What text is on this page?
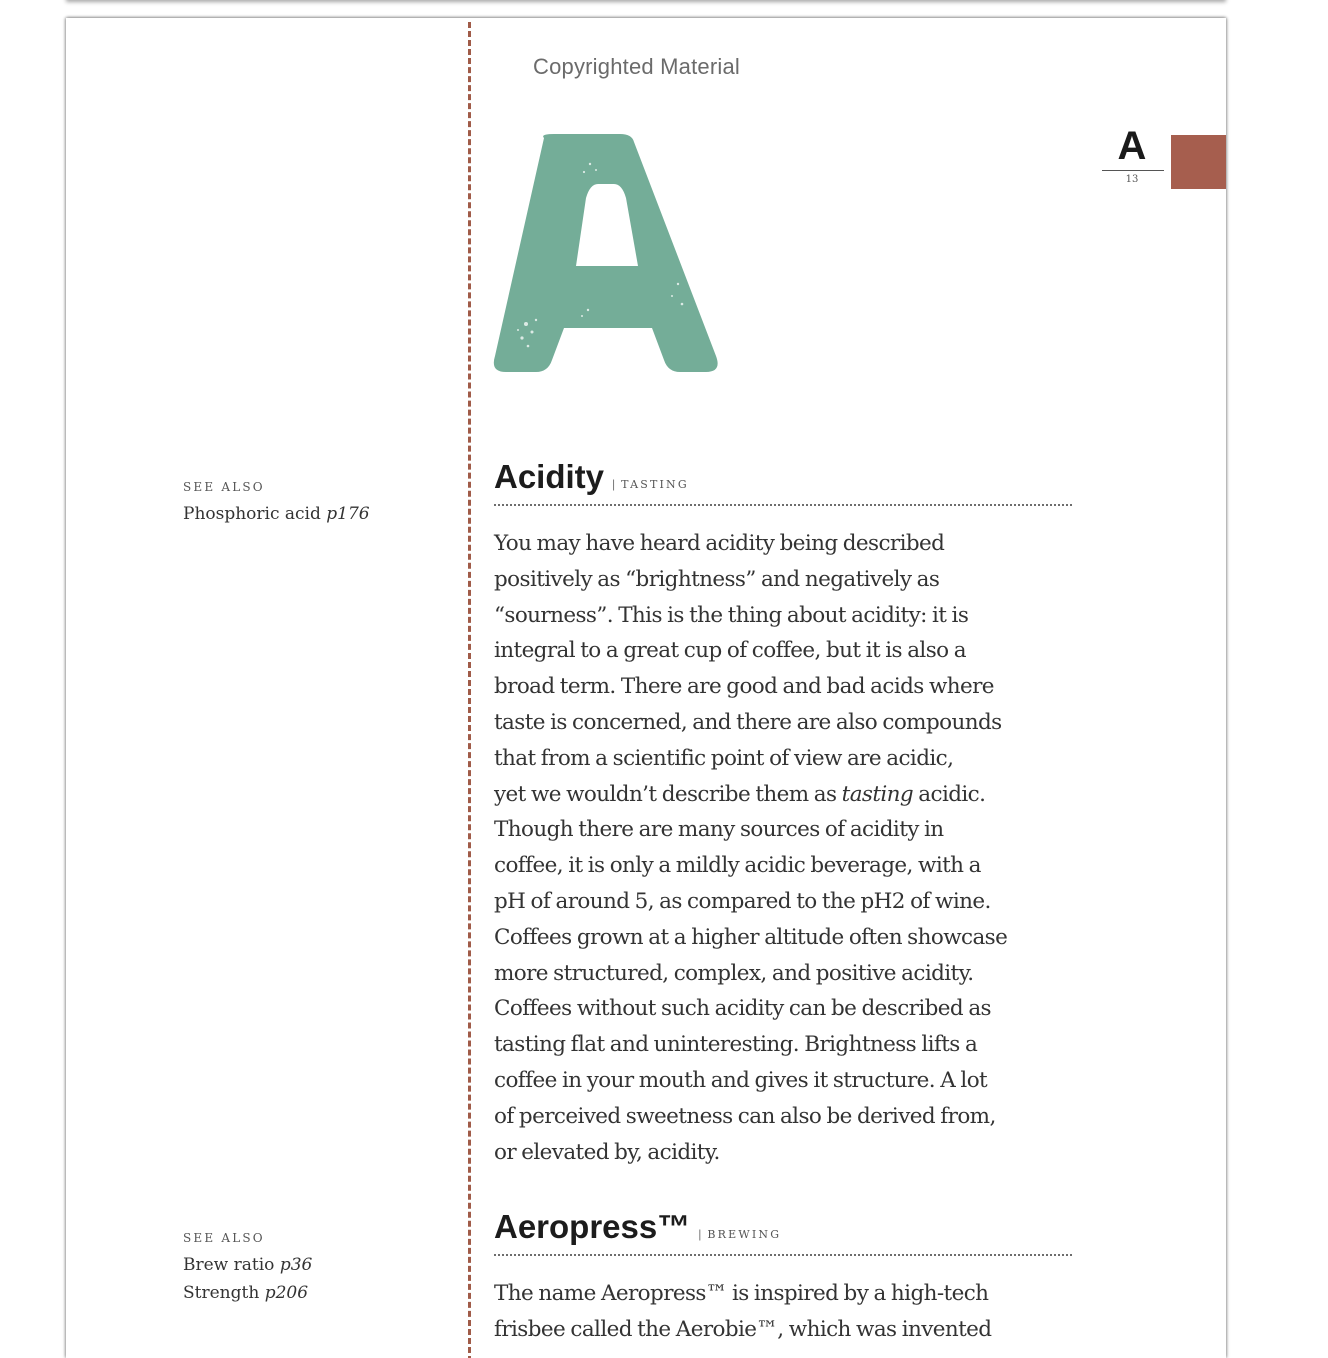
Copyrighted Material
A
13
SEE ALSO
Phosphoric acid p176
Acidity | TASTING
You may have heard acidity being described
positively as “brightness” and negatively as
“sourness”. This is the thing about acidity: it is
integral to a great cup of coffee, but it is also a
broad term. There are good and bad acids where
taste is concerned, and there are also compounds
that from a scientific point of view are acidic,
yet we wouldn’t describe them as tasting acidic.
Though there are many sources of acidity in
coffee, it is only a mildly acidic beverage, with a
pH of around 5, as compared to the pH2 of wine.
Coffees grown at a higher altitude often showcase
more structured, complex, and positive acidity.
Coffees without such acidity can be described as
tasting flat and uninteresting. Brightness lifts a
coffee in your mouth and gives it structure. A lot
of perceived sweetness can also be derived from,
or elevated by, acidity.
SEE ALSO
Brew ratio p36
Strength p206
Aeropress™ | BREWING
The name Aeropress™ is inspired by a high-tech
frisbee called the Aerobie™, which was invented
